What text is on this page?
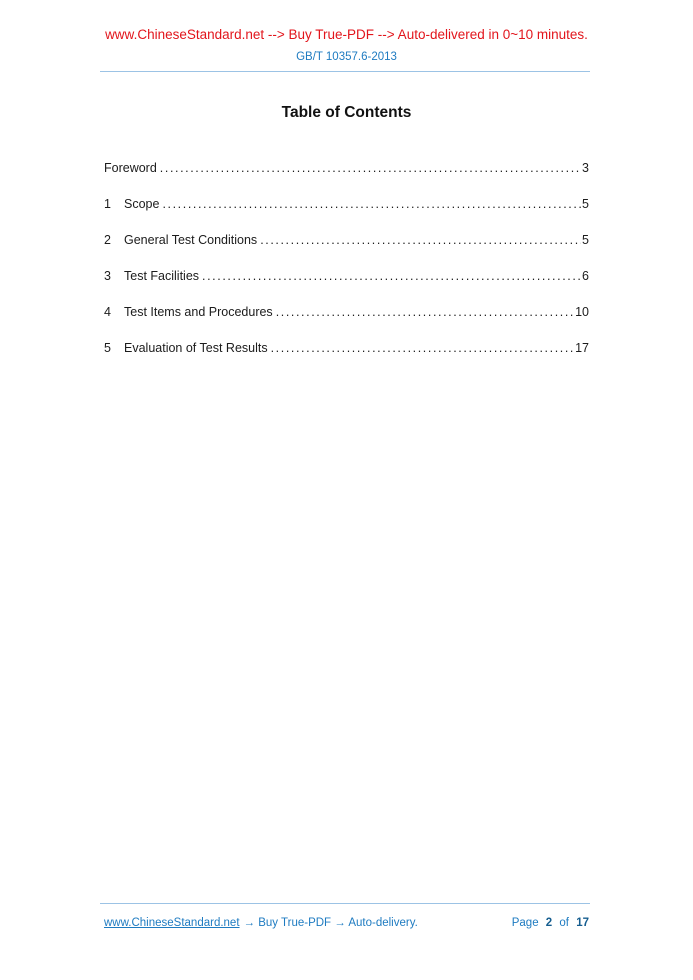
www.ChineseStandard.net --> Buy True-PDF --> Auto-delivered in 0~10 minutes.
GB/T 10357.6-2013
Table of Contents
Foreword .....	3
1	Scope .....	5
2	General Test Conditions .....	5
3	Test Facilities .....	6
4	Test Items and Procedures .....	10
5	Evaluation of Test Results .....	17
www.ChineseStandard.net → Buy True-PDF → Auto-delivery.	Page 2 of 17
